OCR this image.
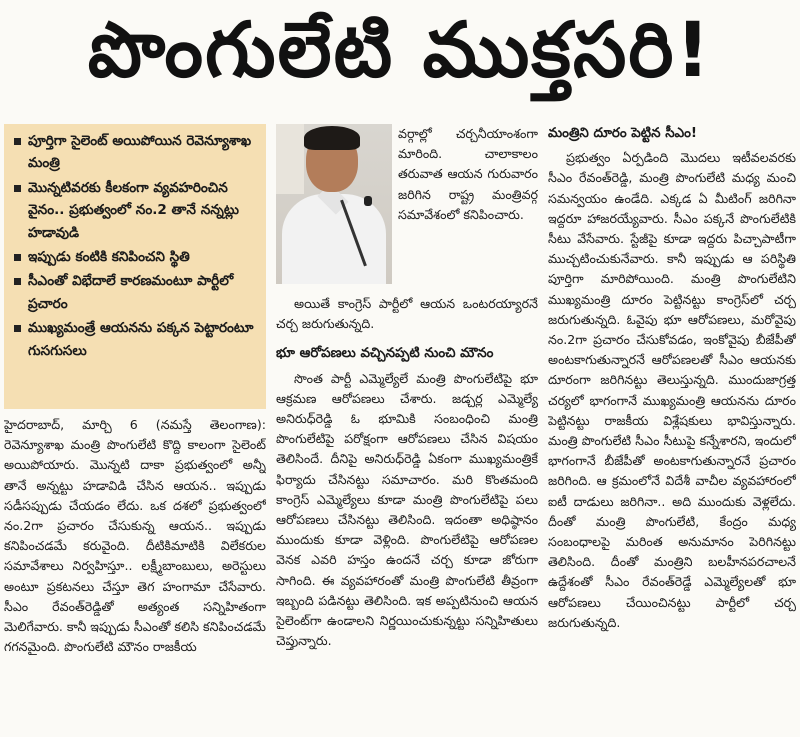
పొంగులేటి ముక్తసరి!
పూర్తిగా సైలెంట్ అయిపోయిన రెవెన్యూశాఖ మంత్రి
మొన్నటివరకు కీలకంగా వ్యవహరించిన వైనం.. ప్రభుత్వంలో నం.2 తానే నన్నట్లు హడావుడి
ఇప్పుడు కంటికి కనిపించని స్థితి
సీఎంతో విభేదాలే కారణమంటూ పార్టీలో ప్రచారం
ముఖ్యమంత్రే ఆయనను పక్కన పెట్టారంటూ గుసగుసలు

హైదరాబాద్, మార్చి 6 (నమస్తే తెలంగాణ): రెవెన్యూశాఖ మంత్రి పొంగులేటి కొద్ది కాలంగా సైలెంట్ అయిపోయారు. మొన్నటి దాకా ప్రభుత్వంలో అన్నీ తానే అన్నట్టు హడావిడి చేసిన ఆయన.. ఇప్పుడు సడీసప్పుడు చేయడం లేదు. ఒక దశలో ప్రభుత్వంలో నం.2గా ప్రచారం చేసుకున్న ఆయన.. ఇప్పుడు కనిపించడమే కరువైంది. దీటికిమాటికి విలేకరుల సమావేశాలు నిర్వహిస్తూ.. లక్ష్మీబాంబులు, అరెస్టులు అంటూ ప్రకటనలు చేస్తూ తెగ హంగామా చేసేవారు. సీఎం రేవంత్‌రెడ్డితో అత్యంత సన్నిహితంగా మెలిగేవారు. కానీ ఇప్పుడు సీఎంతో కలిసి కనిపించడమే గగనమైంది. పొంగులేటి మౌనం రాజకీయ

వర్గాల్లో చర్చనీయాంశంగా మారింది. చాలాకాలం తరువాత ఆయన గురువారం జరిగిన రాష్ట్ర మంత్రివర్గ సమావేశంలో కనిపించారు.

అయితే కాంగ్రెస్ పార్టీలో ఆయన ఒంటరయ్యారనే చర్చ జరుగుతున్నది.

భూ ఆరోపణలు వచ్చినప్పటి నుంచి మౌనం

సొంత పార్టీ ఎమ్మెల్యేలే మంత్రి పొంగులేటిపై భూ ఆక్రమణ ఆరోపణలు చేశారు. జడ్చర్ల ఎమ్మెల్యే అనిరుధ్‌రెడ్డి ఓ భూమికి సంబంధించి మంత్రి పొంగులేటిపై పరోక్షంగా ఆరోపణలు చేసిన విషయం తెలిసిందే. దీనిపై అనిరుధ్‌రెడ్డి ఏకంగా ముఖ్యమంత్రికే ఫిర్యాదు చేసినట్టు సమాచారం. మరి కొంతమంది కాంగ్రెస్ ఎమ్మెల్యేలు కూడా మంత్రి పొంగులేటిపై పలు ఆరోపణలు చేసినట్టు తెలిసింది. ఇదంతా అధిష్ఠానం ముందుకు కూడా వెళ్లింది. పొంగులేటిపై ఆరోపణల వెనక ఎవరి హస్తం ఉందనే చర్చ కూడా జోరుగా సాగింది. ఈ వ్యవహారంతో మంత్రి పొంగులేటి తీవ్రంగా ఇబ్బంది పడినట్టు తెలిసింది. ఇక అప్పటినుంచి ఆయన సైలెంట్‌గా ఉండాలని నిర్ణయించుకున్నట్టు సన్నిహితులు చెప్తున్నారు.

మంత్రిని దూరం పెట్టిన సీఎం!

ప్రభుత్వం ఏర్పడింది మొదలు ఇటీవలవరకు సీఎం రేవంత్‌రెడ్డి, మంత్రి పొంగులేటి మధ్య మంచి సమన్వయం ఉండేది. ఎక్కడ ఏ మీటింగ్ జరిగినా ఇద్దరూ హాజరయ్యేవారు. సీఎం పక్కనే పొంగులేటికి సీటు వేసేవారు. స్టేజీపై కూడా ఇద్దరు పిచ్చాపాటీగా ముచ్చటించుకునేవారు. కానీ ఇప్పుడు ఆ పరిస్థితి పూర్తిగా మారిపోయింది. మంత్రి పొంగులేటిని ముఖ్యమంత్రి దూరం పెట్టినట్టు కాంగ్రెస్‌లో చర్చ జరుగుతున్నది. ఓవైపు భూ ఆరోపణలు, మరోవైపు నం.2గా ప్రచారం చేసుకోవడం, ఇంకోవైపు బీజేపీతో అంటకాగుతున్నారనే ఆరోపణలతో సీఎం ఆయనకు దూరంగా జరిగినట్టు తెలుస్తున్నది. ముందుజాగ్రత్త చర్యలో భాగంగానే ముఖ్యమంత్రి ఆయనను దూరం పెట్టినట్టు రాజకీయ విశ్లేషకులు భావిస్తున్నారు. మంత్రి పొంగులేటి సీఎం సీటుపై కన్నేశారని, ఇందులో భాగంగానే బీజేపీతో అంటకాగుతున్నారనే ప్రచారం జరిగింది. ఆ క్రమంలోనే విదేశీ వాచీల వ్యవహారంలో ఐటీ దాడులు జరిగినా.. అది ముందుకు వెళ్లలేదు. దీంతో మంత్రి పొంగులేటి, కేంద్రం మధ్య సంబంధాలపై మరింత అనుమానం పెరిగినట్టు తెలిసింది. దీంతో మంత్రిని బలహీనపరచాలనే ఉద్దేశంతో సీఎం రేవంత్‌రెడ్డే ఎమ్మెల్యేలతో భూ ఆరోపణలు చేయించినట్టు పార్టీలో చర్చ జరుగుతున్నది.
